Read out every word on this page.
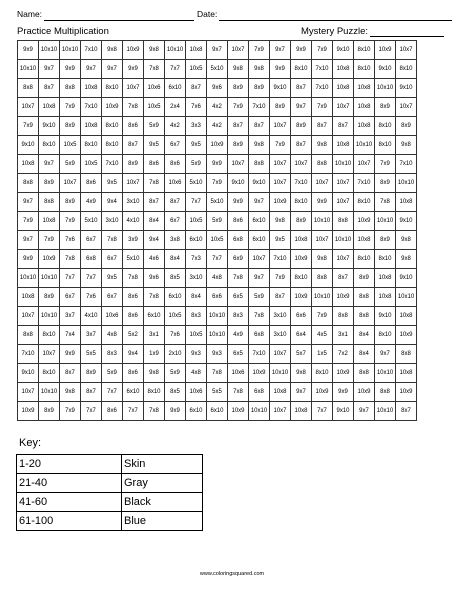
Name:	Date:
Practice Multiplication	Mystery Puzzle:
9x9	10x10	10x10	7x10	9x8	10x9	9x8	10x10	10x8	9x7	10x7	7x9	9x7	9x9	7x9	9x10	8x10	10x9	10x7
10x10	9x7	9x9	9x7	9x7	9x9	7x8	7x7	10x5	5x10	9x8	9x8	9x9	8x10	7x10	10x8	8x10	9x10	8x10
8x8	8x7	8x8	10x8	8x10	10x7	10x6	6x10	8x7	9x6	8x9	8x9	9x10	8x7	7x10	10x8	10x8	10x10	9x10
10x7	10x8	7x9	7x10	10x9	7x8	10x5	2x4	7x6	4x2	7x9	7x10	8x9	9x7	7x9	10x7	10x8	8x9	10x7
7x9	9x10	8x9	10x8	8x10	8x6	5x9	4x2	3x3	4x2	8x7	8x7	10x7	8x9	8x7	8x7	10x8	8x10	8x9
9x10	8x10	10x5	8x10	8x10	8x7	9x5	6x7	9x5	10x9	8x9	9x8	7x9	8x7	9x8	10x8	10x10	8x10	9x8
10x8	9x7	5x9	10x5	7x10	8x9	8x6	8x6	5x9	9x9	10x7	8x8	10x7	10x7	8x8	10x10	10x7	7x9	7x10
8x8	8x9	10x7	8x6	9x5	10x7	7x8	10x6	5x10	7x9	9x10	9x10	10x7	7x10	10x7	10x7	7x10	8x9	10x10
9x7	8x8	8x9	4x9	9x4	3x10	8x7	8x7	7x7	5x10	9x9	9x7	10x9	8x10	9x9	10x7	8x10	7x8	10x8
7x9	10x8	7x9	5x10	3x10	4x10	8x4	6x7	10x5	5x9	8x6	6x10	9x8	8x9	10x10	8x8	10x9	10x10	9x10
9x7	7x9	7x6	6x7	7x8	3x9	9x4	3x8	6x10	10x5	6x8	6x10	9x5	10x8	10x7	10x10	10x8	8x9	9x8
9x9	10x9	7x8	6x8	6x7	5x10	4x6	8x4	7x3	7x7	6x9	10x7	7x10	10x9	9x8	10x7	8x10	8x10	9x8
10x10	10x10	7x7	7x7	9x5	7x8	9x6	8x5	3x10	4x8	7x8	9x7	7x9	8x10	8x8	8x7	8x9	10x8	9x10
10x8	8x9	6x7	7x6	6x7	8x6	7x8	6x10	8x4	6x6	6x5	5x9	8x7	10x9	10x10	10x9	8x8	10x8	10x10
10x7	10x10	3x7	4x10	10x6	8x6	6x10	10x5	8x3	10x10	8x3	7x8	3x10	6x6	7x9	8x8	8x8	9x10	10x8
8x8	8x10	7x4	3x7	4x8	5x2	3x1	7x6	10x5	10x10	4x9	6x8	3x10	6x4	4x5	3x1	8x4	8x10	10x9
7x10	10x7	9x9	5x5	8x3	9x4	1x9	2x10	9x3	9x3	6x5	7x10	10x7	5x7	1x5	7x2	8x4	9x7	8x8
9x10	8x10	8x7	8x9	5x9	8x6	9x8	5x9	4x8	7x8	10x6	10x9	10x10	9x8	8x10	10x9	8x8	10x10	10x8
10x7	10x10	9x8	8x7	7x7	6x10	8x10	8x5	10x6	5x5	7x8	6x8	10x8	9x7	10x9	9x9	10x9	8x8	10x9
10x9	8x9	7x9	7x7	8x6	7x7	7x8	9x9	6x10	6x10	10x9	10x10	10x7	10x8	7x7	9x10	9x7	10x10	8x7
Key:
1-20	Skin
21-40	Gray
41-60	Black
61-100	Blue
www.coloringsquared.com
